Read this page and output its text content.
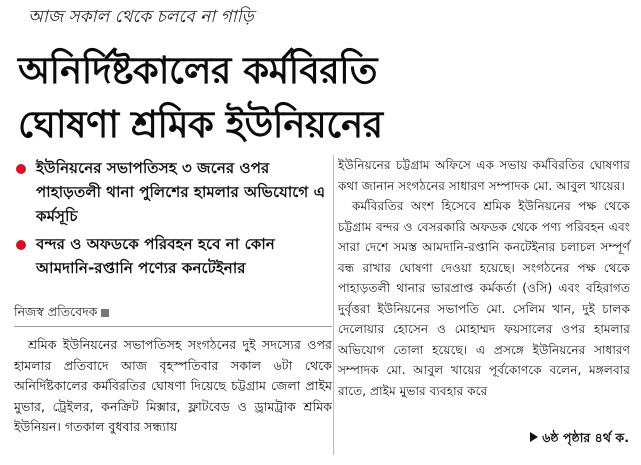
আজ সকাল থেকে চলবে না গাড়ি
অনির্দিষ্টকালের কর্মবিরতি
ঘোষণা শ্রমিক ইউনিয়নের
ইউনিয়নের সভাপতিসহ ৩ জনের ওপর পাহাড়তলী থানা পুলিশের হামলার অভিযোগে এ কর্মসূচি
বন্দর ও অফডকে পরিবহন হবে না কোন আমদানি-রপ্তানি পণ্যের কনটেইনার
নিজস্ব প্রতিবেদক

শ্রমিক ইউনিয়নের সভাপতিসহ সংগঠনের দুই সদস্যের ওপর হামলার প্রতিবাদে আজ বৃহস্পতিবার সকাল ৬টা থেকে অনির্দিষ্টকালের কর্মবিরতির ঘোষণা দিয়েছে চট্টগ্রাম জেলা প্রাইম মুভার, ট্রেইলর, কনক্রিট মিক্সার, ফ্লাটবেড ও ড্রামট্রাক শ্রমিক ইউনিয়ন। গতকাল বুধবার সন্ধ্যায়

ইউনিয়নের চট্টগ্রাম অফিসে এক সভায় কর্মবিরতির ঘোষণার কথা জানান সংগঠনের সাধারণ সম্পাদক মো. আবুল খায়ের।

কর্মবিরতির অংশ হিসেবে শ্রমিক ইউনিয়নের পক্ষ থেকে চট্টগ্রাম বন্দর ও বেসরকারি অফডক থেকে পণ্য পরিবহন এবং সারা দেশে সমস্ত আমদানি-রপ্তানি কনটেইনার চলাচল সম্পূর্ণ বন্ধ রাখার ঘোষণা দেওয়া হয়েছে। সংগঠনের পক্ষ থেকে পাহাড়তলী থানার ভারপ্রাপ্ত কর্মকর্তা (ওসি) এবং বহিরাগত দুর্বৃত্তরা ইউনিয়নের সভাপতি মো. সেলিম খান, দুই চালক দেলোয়ার হোসেন ও মোহাম্মদ ফয়সালের ওপর হামলার অভিযোগ তোলা হয়েছে। এ প্রসঙ্গে ইউনিয়নের সাধারণ সম্পাদক মো. আবুল খায়ের পূর্বকোণকে বলেন, মঙ্গলবার রাতে, প্রাইম মুভার ব্যবহার করে

৬ষ্ঠ পৃষ্ঠার ৪র্থ ক.
